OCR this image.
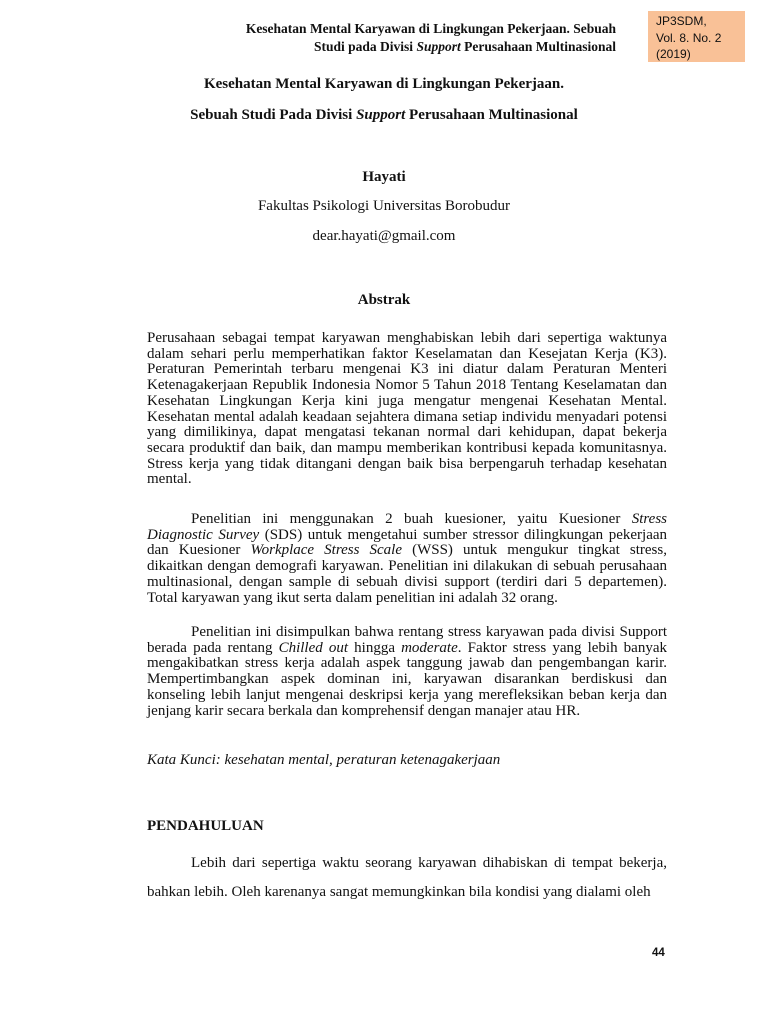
Kesehatan Mental Karyawan di Lingkungan Pekerjaan. Sebuah
Studi pada Divisi Support Perusahaan Multinasional
JP3SDM,
Vol. 8. No. 2
(2019)
Kesehatan Mental Karyawan di Lingkungan Pekerjaan.
Sebuah Studi Pada Divisi Support Perusahaan Multinasional
Hayati
Fakultas Psikologi Universitas Borobudur
dear.hayati@gmail.com
Abstrak

Perusahaan sebagai tempat karyawan menghabiskan lebih dari sepertiga waktunya dalam sehari perlu memperhatikan faktor Keselamatan dan Kesejatan Kerja (K3). Peraturan Pemerintah terbaru mengenai K3 ini diatur dalam Peraturan Menteri Ketenagakerjaan Republik Indonesia Nomor 5 Tahun 2018 Tentang Keselamatan dan Kesehatan Lingkungan Kerja kini juga mengatur mengenai Kesehatan Mental. Kesehatan mental adalah keadaan sejahtera dimana setiap individu menyadari potensi yang dimilikinya, dapat mengatasi tekanan normal dari kehidupan, dapat bekerja secara produktif dan baik, dan mampu memberikan kontribusi kepada komunitasnya. Stress kerja yang tidak ditangani dengan baik bisa berpengaruh terhadap kesehatan mental.

Penelitian ini menggunakan 2 buah kuesioner, yaitu Kuesioner Stress Diagnostic Survey (SDS) untuk mengetahui sumber stressor dilingkungan pekerjaan dan Kuesioner Workplace Stress Scale (WSS) untuk mengukur tingkat stress, dikaitkan dengan demografi karyawan. Penelitian ini dilakukan di sebuah perusahaan multinasional, dengan sample di sebuah divisi support (terdiri dari 5 departemen). Total karyawan yang ikut serta dalam penelitian ini adalah 32 orang.

Penelitian ini disimpulkan bahwa rentang stress karyawan pada divisi Support berada pada rentang Chilled out hingga moderate. Faktor stress yang lebih banyak mengakibatkan stress kerja adalah aspek tanggung jawab dan pengembangan karir. Mempertimbangkan aspek dominan ini, karyawan disarankan berdiskusi dan konseling lebih lanjut mengenai deskripsi kerja yang merefleksikan beban kerja dan jenjang karir secara berkala dan komprehensif dengan manajer atau HR.

Kata Kunci: kesehatan mental, peraturan ketenagakerjaan

PENDAHULUAN

Lebih dari sepertiga waktu seorang karyawan dihabiskan di tempat bekerja, bahkan lebih. Oleh karenanya sangat memungkinkan bila kondisi yang dialami oleh

44
